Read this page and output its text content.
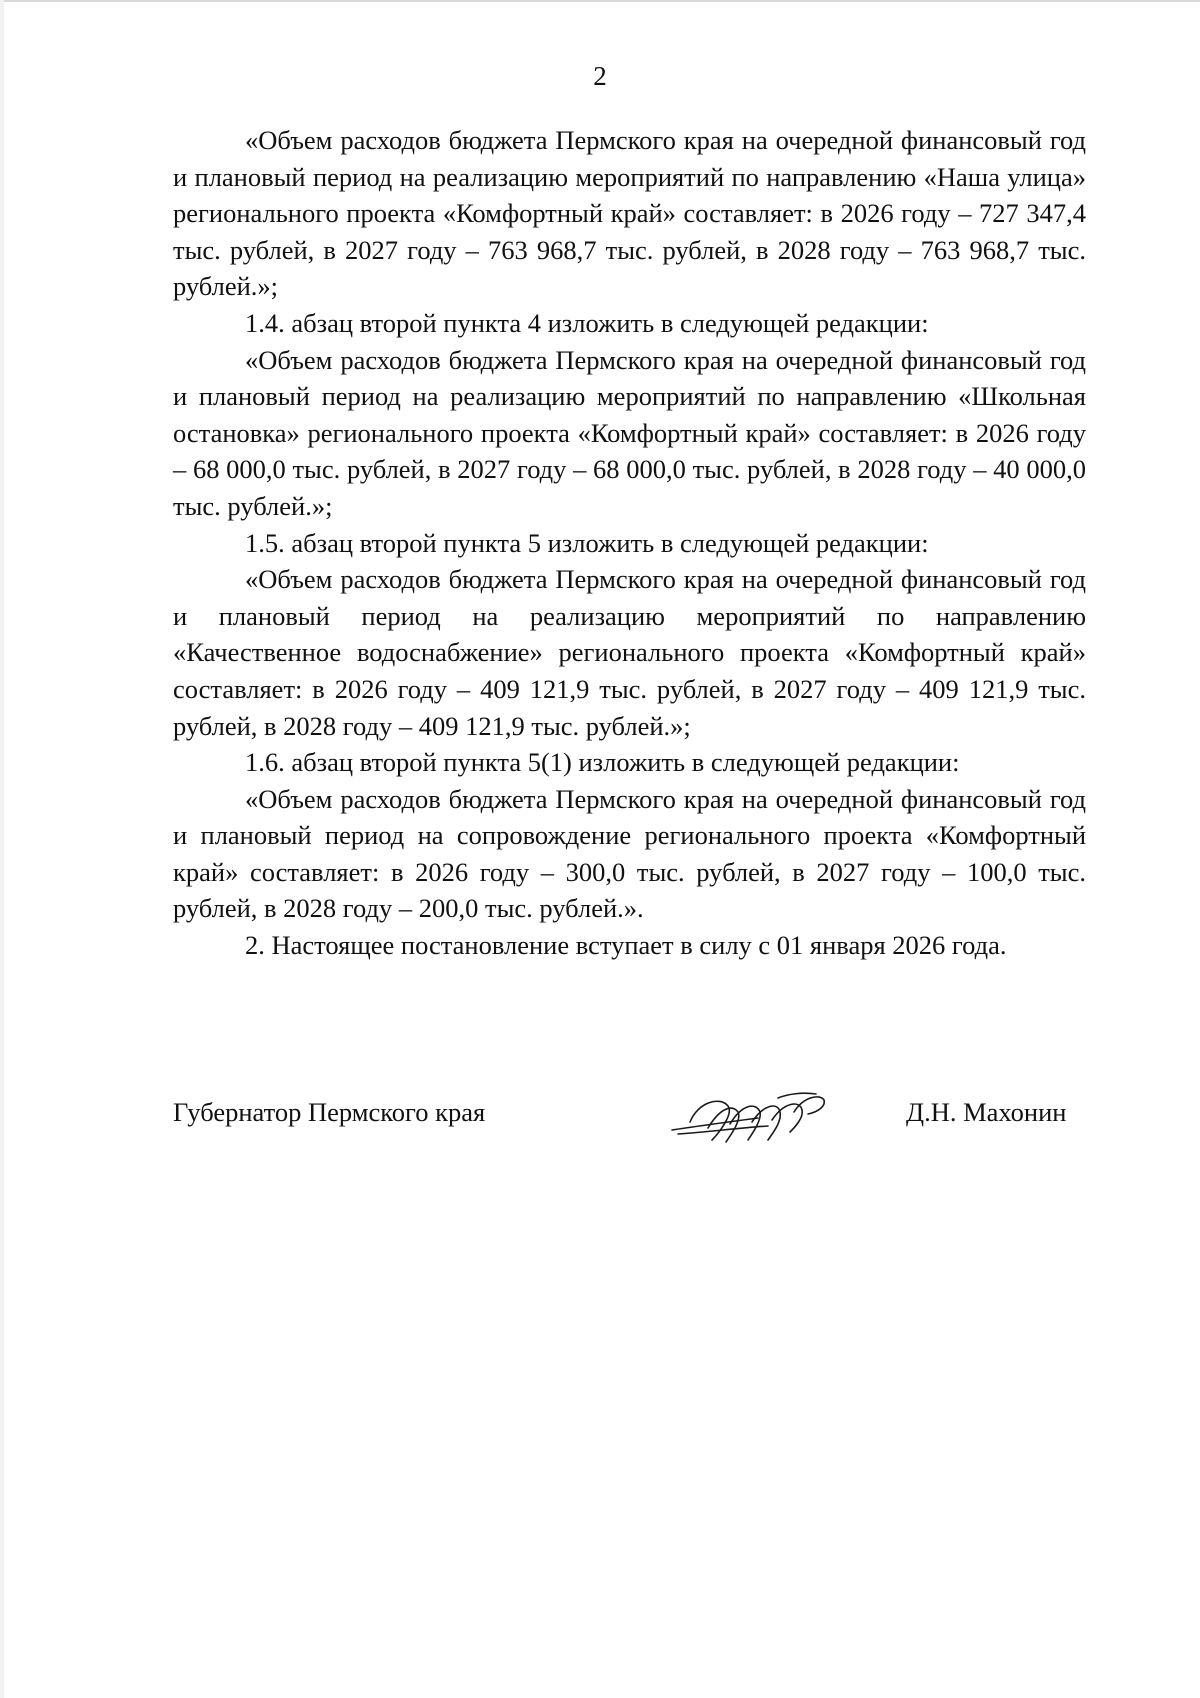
2

«Объем расходов бюджета Пермского края на очередной финансовый год и плановый период на реализацию мероприятий по направлению «Наша улица» регионального проекта «Комфортный край» составляет: в 2026 году – 727 347,4 тыс. рублей, в 2027 году – 763 968,7 тыс. рублей, в 2028 году – 763 968,7 тыс. рублей.»;

1.4. абзац второй пункта 4 изложить в следующей редакции:

«Объем расходов бюджета Пермского края на очередной финансовый год и плановый период на реализацию мероприятий по направлению «Школьная остановка» регионального проекта «Комфортный край» составляет: в 2026 году – 68 000,0 тыс. рублей, в 2027 году – 68 000,0 тыс. рублей, в 2028 году – 40 000,0 тыс. рублей.»;

1.5. абзац второй пункта 5 изложить в следующей редакции:

«Объем расходов бюджета Пермского края на очередной финансовый год и плановый период на реализацию мероприятий по направлению «Качественное водоснабжение» регионального проекта «Комфортный край» составляет: в 2026 году – 409 121,9 тыс. рублей, в 2027 году – 409 121,9 тыс. рублей, в 2028 году – 409 121,9 тыс. рублей.»;

1.6. абзац второй пункта 5(1) изложить в следующей редакции:

«Объем расходов бюджета Пермского края на очередной финансовый год и плановый период на сопровождение регионального проекта «Комфортный край» составляет: в 2026 году – 300,0 тыс. рублей, в 2027 году – 100,0 тыс. рублей, в 2028 году – 200,0 тыс. рублей.».

2. Настоящее постановление вступает в силу с 01 января 2026 года.

Губернатор Пермского края	Д.Н. Махонин
